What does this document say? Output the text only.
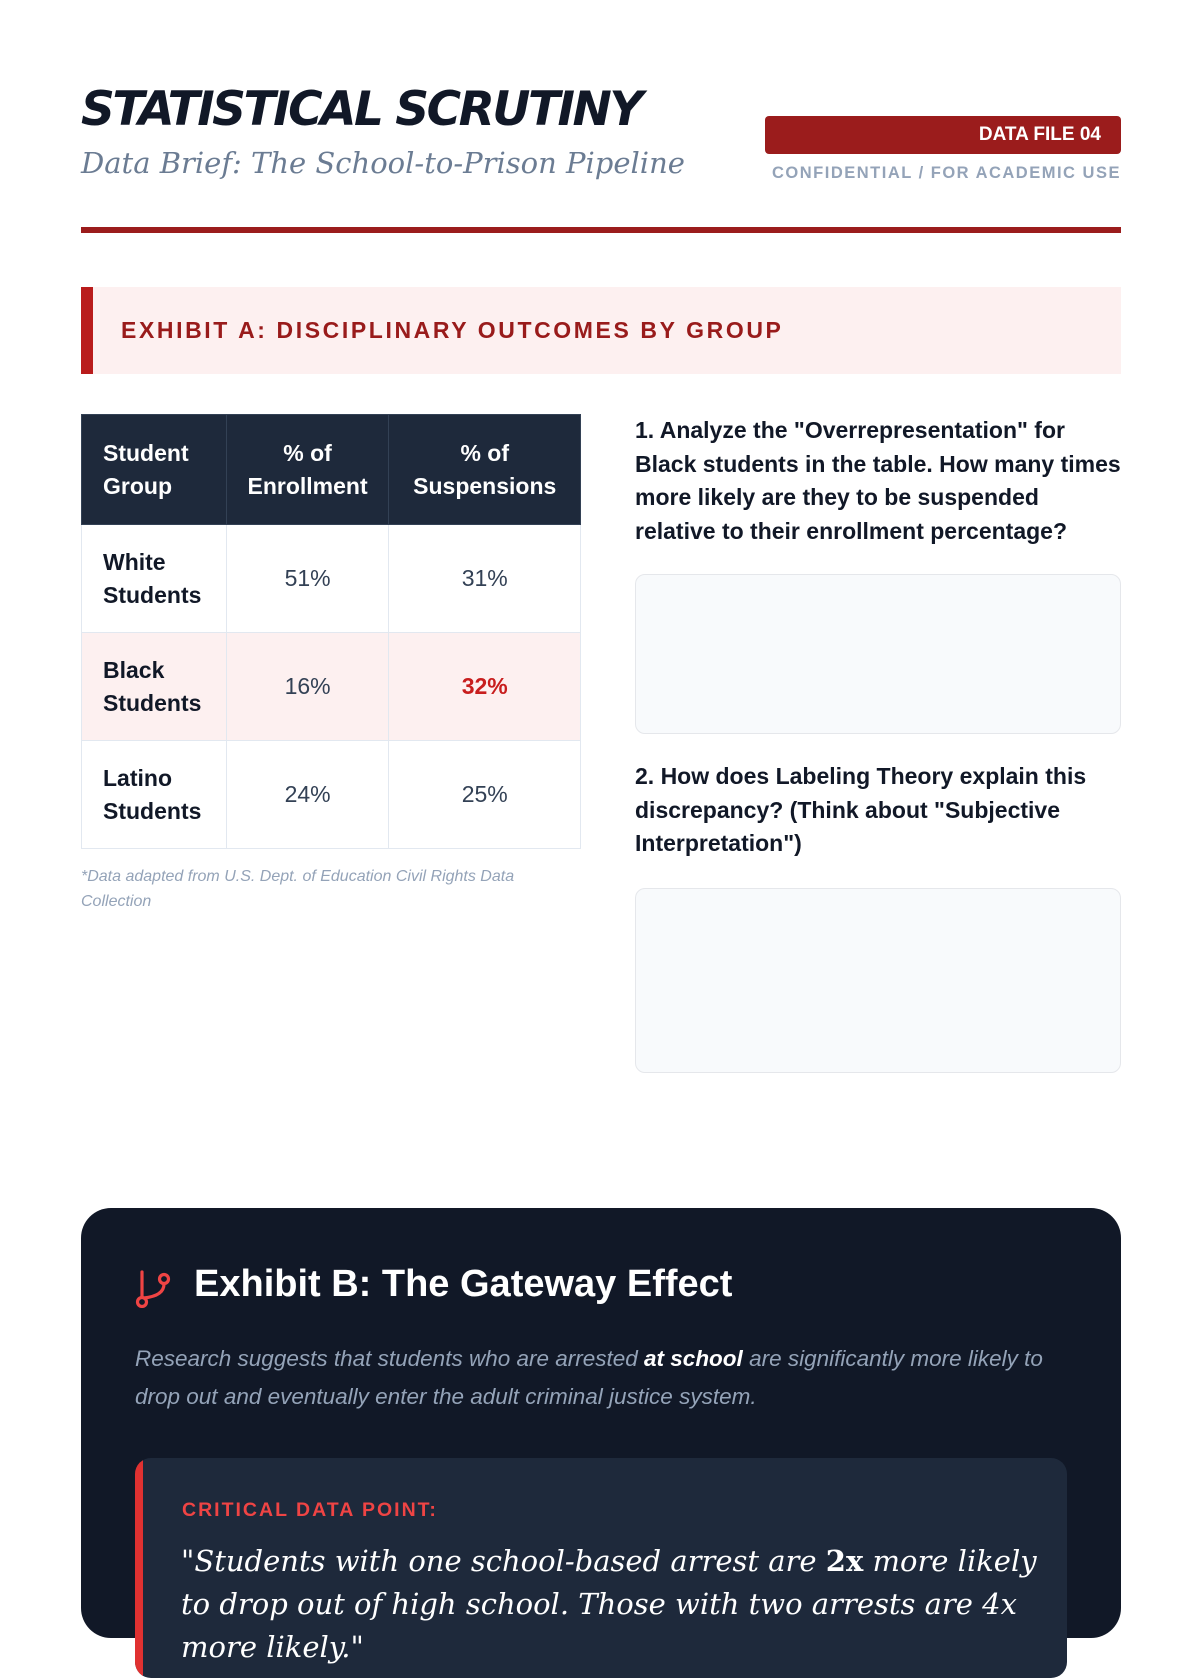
STATISTICAL SCRUTINY
Data Brief: The School-to-Prison Pipeline
DATA FILE 04
CONFIDENTIAL / FOR ACADEMIC USE
EXHIBIT A: DISCIPLINARY OUTCOMES BY GROUP
Student Group	% of Enrollment	% of Suspensions
White Students	51%	31%
Black Students	16%	32%
Latino Students	24%	25%
*Data adapted from U.S. Dept. of Education Civil Rights Data Collection
1. Analyze the "Overrepresentation" for Black students in the table. How many times more likely are they to be suspended relative to their enrollment percentage?
2. How does Labeling Theory explain this discrepancy? (Think about "Subjective Interpretation")
Exhibit B: The Gateway Effect
Research suggests that students who are arrested at school are significantly more likely to drop out and eventually enter the adult criminal justice system.
CRITICAL DATA POINT:
"Students with one school-based arrest are 2x more likely to drop out of high school. Those with two arrests are 4x more likely."
